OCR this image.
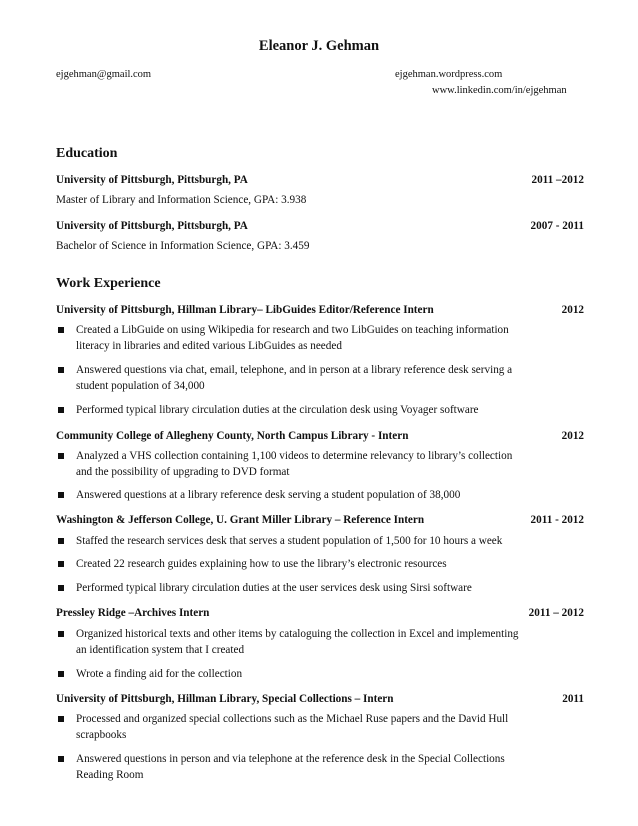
Eleanor J. Gehman
ejgehman@gmail.com	ejgehman.wordpress.com
www.linkedin.com/in/ejgehman
Education
University of Pittsburgh, Pittsburgh, PA	2011 –2012
Master of Library and Information Science, GPA: 3.938
University of Pittsburgh, Pittsburgh, PA	2007 - 2011
Bachelor of Science in Information Science, GPA: 3.459
Work Experience
University of Pittsburgh, Hillman Library– LibGuides Editor/Reference Intern	2012
Created a LibGuide on using Wikipedia for research and two LibGuides on teaching information
literacy in libraries and edited various LibGuides as needed
Answered questions via chat, email, telephone, and in person at a library reference desk serving a
student population of 34,000
Performed typical library circulation duties at the circulation desk using Voyager software
Community College of Allegheny County, North Campus Library - Intern	2012
Analyzed a VHS collection containing 1,100 videos to determine relevancy to library’s collection
and the possibility of upgrading to DVD format
Answered questions at a library reference desk serving a student population of 38,000
Washington & Jefferson College, U. Grant Miller Library – Reference Intern	2011 - 2012
Staffed the research services desk that serves a student population of 1,500 for 10 hours a week
Created 22 research guides explaining how to use the library’s electronic resources
Performed typical library circulation duties at the user services desk using Sirsi software
Pressley Ridge –Archives Intern	2011 – 2012
Organized historical texts and other items by cataloguing the collection in Excel and implementing
an identification system that I created
Wrote a finding aid for the collection
University of Pittsburgh, Hillman Library, Special Collections – Intern	2011
Processed and organized special collections such as the Michael Ruse papers and the David Hull
scrapbooks
Answered questions in person and via telephone at the reference desk in the Special Collections
Reading Room
